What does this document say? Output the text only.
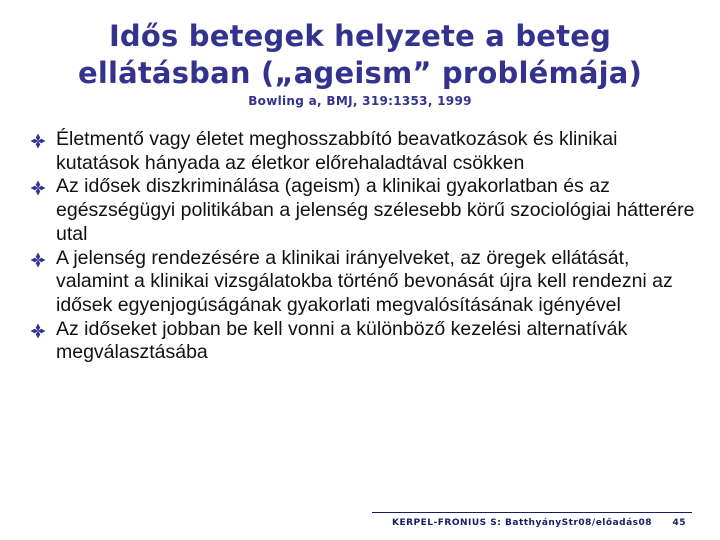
Idős betegek helyzete a beteg
ellátásban („ageism” problémája)
Bowling a, BMJ, 319:1353, 1999
Életmentő vagy életet meghosszabbító beavatkozások és klinikai kutatások hányada az életkor előrehaladtával csökken
Az idősek diszkriminálása (ageism) a klinikai gyakorlatban és az egészségügyi politikában a jelenség szélesebb körű szociológiai hátterére utal
A jelenség rendezésére a klinikai irányelveket, az öregek ellátását, valamint a klinikai vizsgálatokba történő bevonását újra kell rendezni az idősek egyenjogúságának gyakorlati megvalósításának igényével
Az időseket jobban be kell vonni a különböző kezelési alternatívák megválasztásába
KERPEL-FRONIUS S: BatthyányStr08/előadás08 45
